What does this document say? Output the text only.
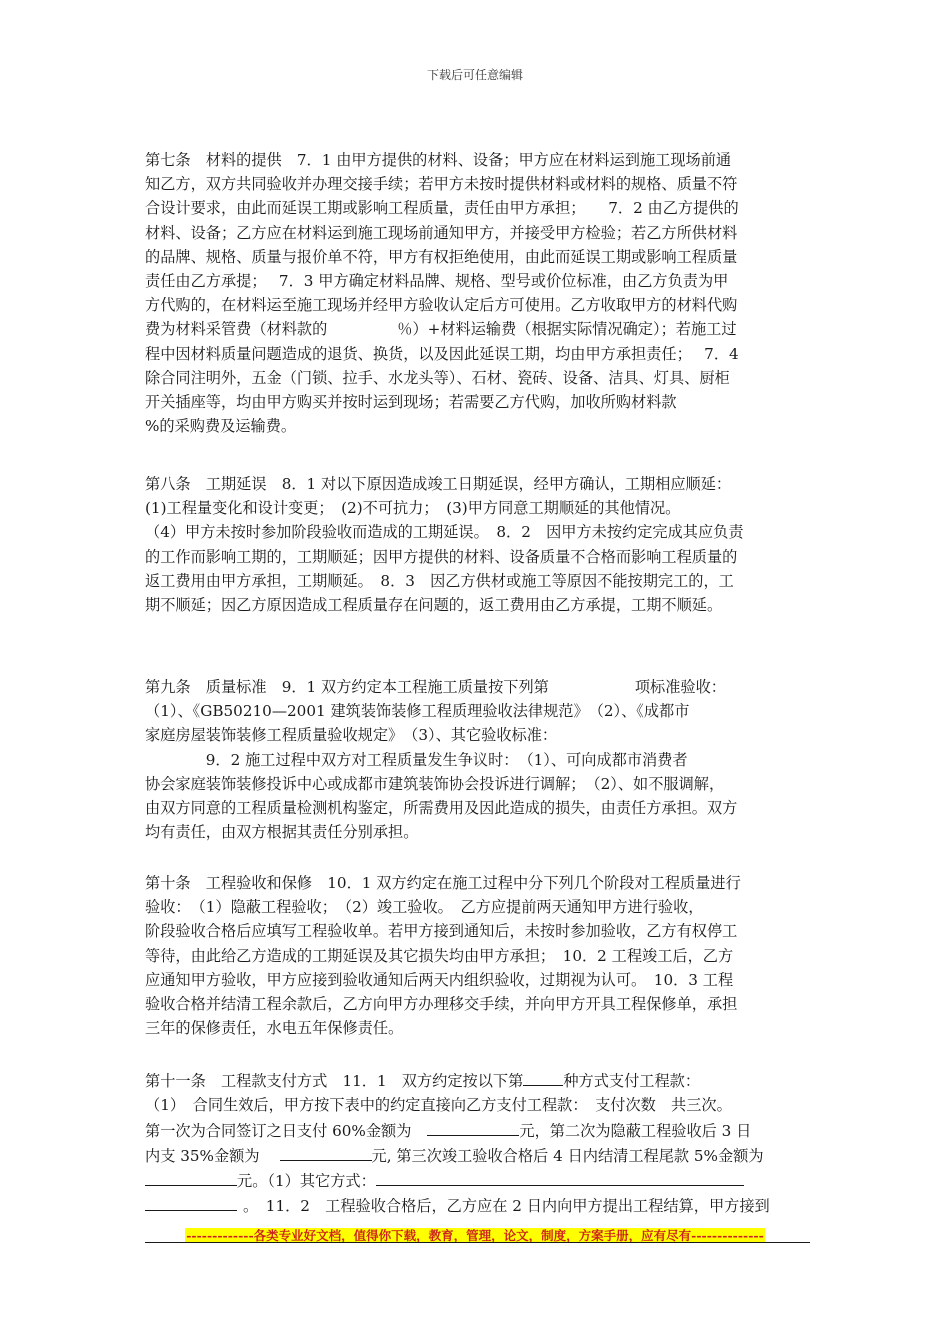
下载后可任意编辑
第七条　材料的提供　7．1 由甲方提供的材料、设备；甲方应在材料运到施工现场前通
知乙方，双方共同验收并办理交接手续；若甲方未按时提供材料或材料的规格、质量不符
合设计要求，由此而延误工期或影响工程质量，责任由甲方承担；　　7．2 由乙方提供的
材料、设备；乙方应在材料运到施工现场前通知甲方，并接受甲方检验；若乙方所供材料
的品牌、规格、质量与报价单不符，甲方有权拒绝使用，由此而延误工期或影响工程质量
责任由乙方承提；　 7．3 甲方确定材料品牌、规格、型号或价位标准，由乙方负责为甲
方代购的，在材料运至施工现场并经甲方验收认定后方可使用。乙方收取甲方的材料代购
费为材料采管费（材料款的	％）+材料运输费（根据实际情况确定）；若施工过
程中因材料质量问题造成的退货、换货，以及因此延误工期，均由甲方承担责任；　 7．4
除合同注明外，五金（门锁、拉手、水龙头等）、石材、瓷砖、设备、洁具、灯具、厨柜
开关插座等，均由甲方购买并按时运到现场；若需要乙方代购，加收所购材料款
%的采购费及运输费。
第八条　工期延误　8．1 对以下原因造成竣工日期延误，经甲方确认，工期相应顺延：
(1)工程量变化和设计变更；　(2)不可抗力；　(3)甲方同意工期顺延的其他情况。
（4）甲方未按时参加阶段验收而造成的工期延误。　8．2　因甲方未按约定完成其应负责
的工作而影响工期的，工期顺延；因甲方提供的材料、设备质量不合格而影响工程质量的
返工费用由甲方承担，工期顺延。　8．3　因乙方供材或施工等原因不能按期完工的，工
期不顺延；因乙方原因造成工程质量存在问题的，返工费用由乙方承提，工期不顺延。
第九条　质量标准　9．1 双方约定本工程施工质量按下列第	项标准验收：
（1）、《GB50210—2001 建筑装饰装修工程质理验收法律规范》　（2）、《成都市
家庭房屋装饰装修工程质量验收规定》　（3）、其它验收标准：
　　　　9．2 施工过程中双方对工程质量发生争议时：　（1）、可向成都市消费者
协会家庭装饰装修投诉中心或成都市建筑装饰协会投诉进行调解；　（2）、如不服调解，
由双方同意的工程质量检测机构鉴定，所需费用及因此造成的损失，由责任方承担。双方
均有责任，由双方根据其责任分别承担。
第十条　工程验收和保修　10．1 双方约定在施工过程中分下列几个阶段对工程质量进行
验收：　（1）隐蔽工程验收；　（2）竣工验收。　乙方应提前两天通知甲方进行验收，
阶段验收合格后应填写工程验收单。若甲方接到通知后，未按时参加验收，乙方有权停工
等待，由此给乙方造成的工期延误及其它损失均由甲方承担；　10．2 工程竣工后，乙方
应通知甲方验收，甲方应接到验收通知后两天内组织验收，过期视为认可。　10．3 工程
验收合格并结清工程余款后，乙方向甲方办理移交手续，并向甲方开具工程保修单，承担
三年的保修责任，水电五年保修责任。
第十一条　工程款支付方式　11．1　双方约定按以下第	种方式支付工程款：
（1）　合同生效后，甲方按下表中的约定直接向乙方支付工程款：　支付次数　共三次。
第一次为合同签订之日支付 60%金额为	元，第二次为隐蔽工程验收后 3 日
内支 35%金额为	元, 第三次竣工验收合格后 4 日内结清工程尾款 5%金额为
元。（1）其它方式：
。　11．2　工程验收合格后，乙方应在 2 日内向甲方提出工程结算，甲方接到
-------------各类专业好文档，值得你下载，教育，管理，论文，制度，方案手册，应有尽有--------------
